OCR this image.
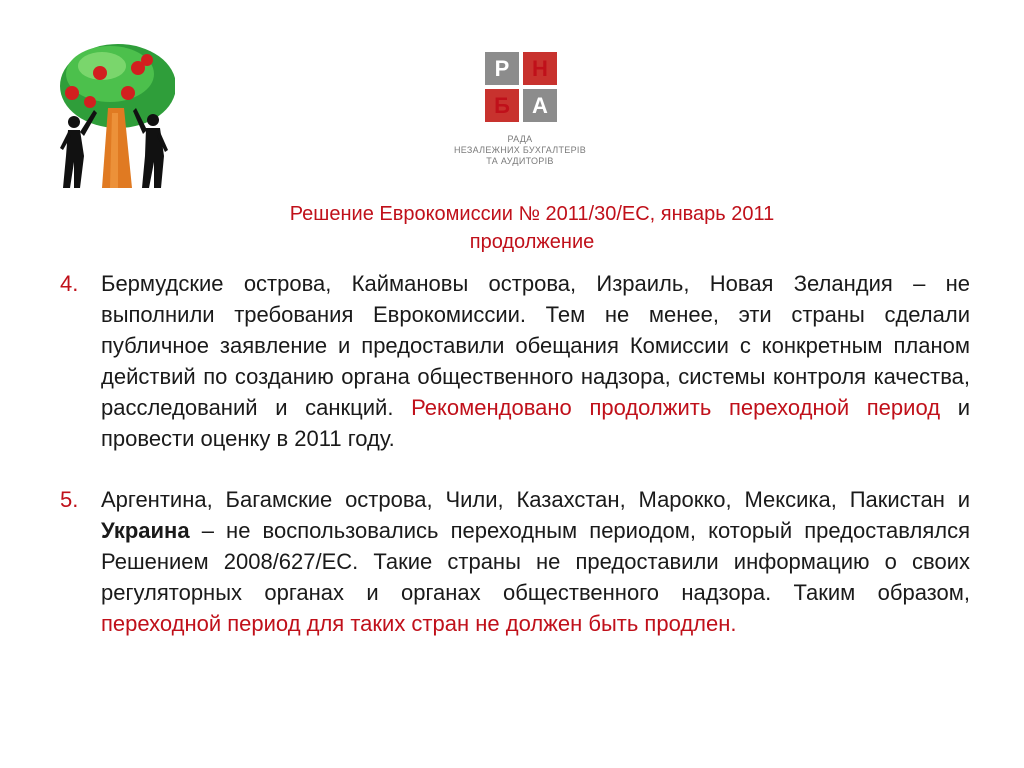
Р	Н
Б	А
РАДА
НЕЗАЛЕЖНИХ БУХГАЛТЕРІВ
ТА АУДИТОРІВ
Решение Еврокомиссии № 2011/30/ЕС, январь 2011
продолжение
4.	Бермудские острова, Каймановы острова, Израиль, Новая Зеландия – не выполнили требования Еврокомиссии. Тем не менее, эти страны сделали публичное заявление и предоставили обещания Комиссии с конкретным планом действий по созданию органа общественного надзора, системы контроля качества, расследований и санкций. Рекомендовано продолжить переходной период и провести оценку в 2011 году.
5.	Аргентина, Багамские острова, Чили, Казахстан, Марокко, Мексика, Пакистан и Украина – не воспользовались переходным периодом, который предоставлялся Решением 2008/627/ЕС. Такие страны не предоставили информацию о своих регуляторных органах и органах общественного надзора. Таким образом, переходной период для таких стран не должен быть продлен.
